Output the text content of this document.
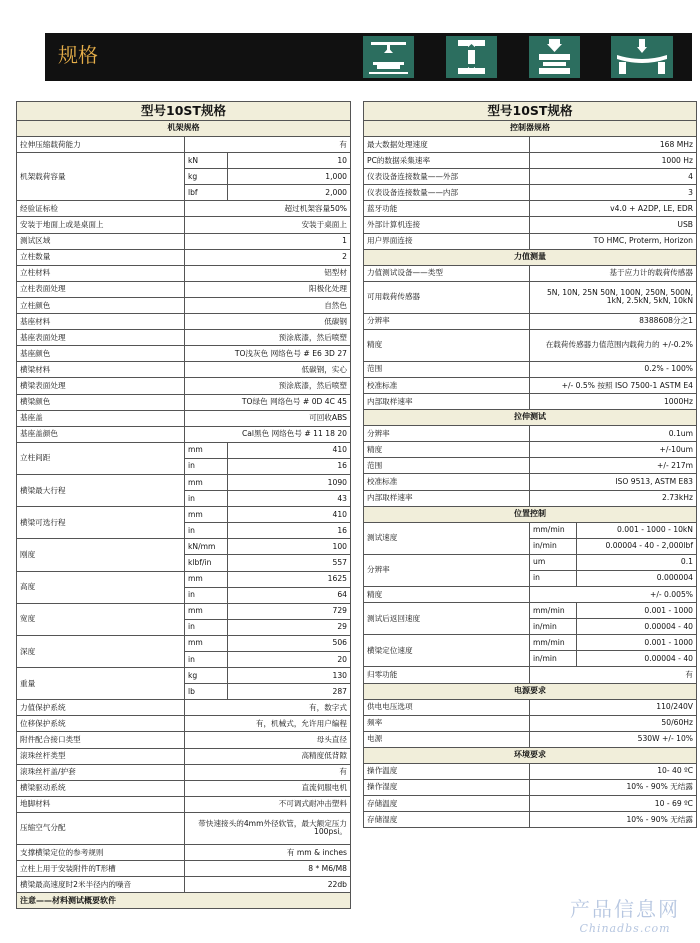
规格
型号10ST规格		
机架规格		
拉伸压缩载荷能力	有	
机架载荷容量	kN	10
	kg	1,000
	lbf	2,000
经验证标检	超过机架容量50%	
安装于地面上或是桌面上	安装于桌面上	
测试区域	1	
立柱数量	2	
立柱材料	铝型材	
立柱表面处理	阳极化处理	
立柱颜色	自然色	
基座材料	低碳钢	
基座表面处理	预涂底漆，然后喷塑	
基座颜色	TO浅灰色 网络色号 # E6 3D 27	
横梁材料	低碳钢，实心	
横梁表面处理	预涂底漆，然后喷塑	
横梁颜色	TO绿色 网络色号 # 0D 4C 45	
基座盖	可回收ABS	
基座盖颜色	Cal黑色 网络色号 # 11 18 20	
立柱间距	mm	410
	in	16
横梁最大行程	mm	1090
	in	43
横梁可选行程	mm	410
	in	16
刚度	kN/mm	100
	klbf/in	557
高度	mm	1625
	in	64
宽度	mm	729
	in	29
深度	mm	506
	in	20
重量	kg	130
	lb	287
力值保护系统	有，数字式	
位移保护系统	有，机械式，允许用户编程	
附件配合接口类型	母头直径	
滚珠丝杆类型	高精度低背隙	
滚珠丝杆盖/护套	有	
横梁驱动系统	直流伺服电机	
地脚材料	不可调式耐冲击塑料	
压缩空气分配	带快速接头的4mm外径软管，最大额定压力100psi。	
支撑横梁定位的参考规则	有 mm & inches	
立柱上用于安装附件的T形槽	8 * M6/M8	
横梁最高速度时2米半径内的噪音	22db	
注意——材料测试概要软件		
型号10ST规格		
控制器规格		
最大数据处理速度	168 MHz	
PC的数据采集速率	1000 Hz	
仪表设备连接数量——外部	4	
仪表设备连接数量——内部	3	
蓝牙功能	v4.0 + A2DP, LE, EDR	
外部计算机连接	USB	
用户界面连接	TO HMC, Proterm, Horizon	
力值测量		
力值测试设备——类型	基于应力计的载荷传感器	
可用载荷传感器	5N, 10N, 25N 50N, 100N, 250N, 500N, 1kN, 2.5kN, 5kN, 10kN	
分辨率	8388608分之1	
精度	在载荷传感器力值范围内载荷力的 +/-0.2%	
范围	0.2% - 100%	
校准标准	+/- 0.5% 按照 ISO 7500-1 ASTM E4	
内部取样速率	1000Hz	
拉伸测试		
分辨率	0.1um	
精度	+/-10um	
范围	+/- 217m	
校准标准	ISO 9513, ASTM E83	
内部取样速率	2.73kHz	
位置控制		
测试速度	mm/min	0.001 - 1000 - 10kN
	in/min	0.00004 - 40 - 2,000lbf
分辨率	um	0.1
	in	0.000004
精度	+/- 0.005%	
测试后返回速度	mm/min	0.001 - 1000
	in/min	0.00004 - 40
横梁定位速度	mm/min	0.001 - 1000
	in/min	0.00004 - 40
归零功能	有	
电源要求		
供电电压选项	110/240V	
频率	50/60Hz	
电源	530W +/- 10%	
环境要求		
操作温度	10- 40 ºC	
操作湿度	10% - 90% 无结露	
存储温度	10 - 69 ºC	
存储湿度	10% - 90% 无结露	
产品信息网
Chinadbs.com
